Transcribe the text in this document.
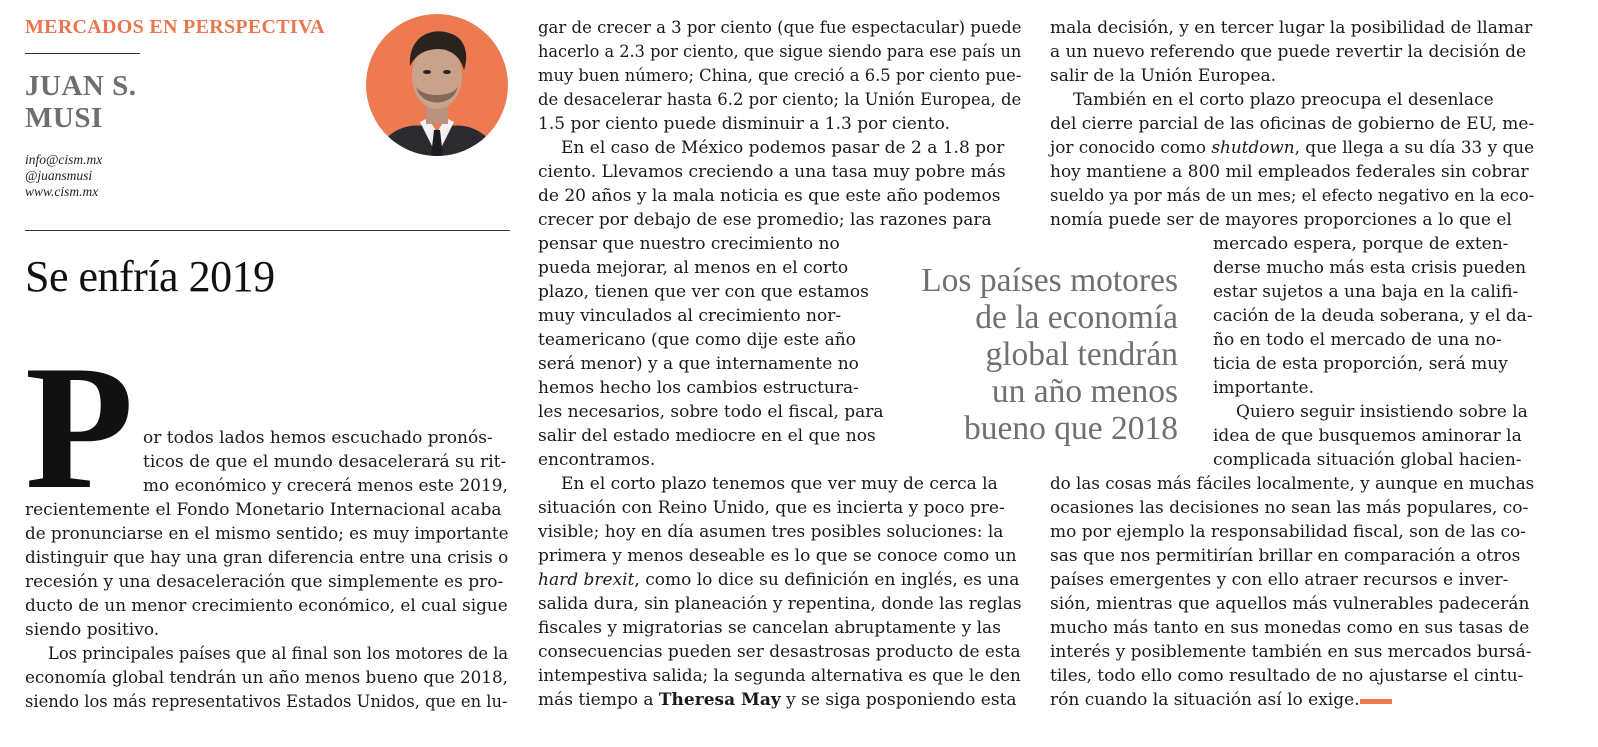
MERCADOS EN PERSPECTIVA
JUAN S.
MUSI
info@cism.mx
@juansmusi
www.cism.mx
Se enfría 2019
P or todos lados hemos escuchado pronós-
ticos de que el mundo desacelerará su rit-
mo económico y crecerá menos este 2019,
recientemente el Fondo Monetario Internacional acaba
de pronunciarse en el mismo sentido; es muy importante
distinguir que hay una gran diferencia entre una crisis o
recesión y una desaceleración que simplemente es pro-
ducto de un menor crecimiento económico, el cual sigue
siendo positivo.
Los principales países que al final son los motores de la
economía global tendrán un año menos bueno que 2018,
siendo los más representativos Estados Unidos, que en lu-
gar de crecer a 3 por ciento (que fue espectacular) puede
hacerlo a 2.3 por ciento, que sigue siendo para ese país un
muy buen número; China, que creció a 6.5 por ciento pue-
de desacelerar hasta 6.2 por ciento; la Unión Europea, de
1.5 por ciento puede disminuir a 1.3 por ciento.
En el caso de México podemos pasar de 2 a 1.8 por
ciento. Llevamos creciendo a una tasa muy pobre más
de 20 años y la mala noticia es que este año podemos
crecer por debajo de ese promedio; las razones para
pensar que nuestro crecimiento no
pueda mejorar, al menos en el corto
plazo, tienen que ver con que estamos
muy vinculados al crecimiento nor-
teamericano (que como dije este año
será menor) y a que internamente no
hemos hecho los cambios estructura-
les necesarios, sobre todo el fiscal, para
salir del estado mediocre en el que nos
encontramos.
En el corto plazo tenemos que ver muy de cerca la
situación con Reino Unido, que es incierta y poco pre-
visible; hoy en día asumen tres posibles soluciones: la
primera y menos deseable es lo que se conoce como un
hard brexit, como lo dice su definición en inglés, es una
salida dura, sin planeación y repentina, donde las reglas
fiscales y migratorias se cancelan abruptamente y las
consecuencias pueden ser desastrosas producto de esta
intempestiva salida; la segunda alternativa es que le den
más tiempo a Theresa May y se siga posponiendo esta
Los países motores
de la economía
global tendrán
un año menos
bueno que 2018
mala decisión, y en tercer lugar la posibilidad de llamar
a un nuevo referendo que puede revertir la decisión de
salir de la Unión Europea.
También en el corto plazo preocupa el desenlace
del cierre parcial de las oficinas de gobierno de EU, me-
jor conocido como shutdown, que llega a su día 33 y que
hoy mantiene a 800 mil empleados federales sin cobrar
sueldo ya por más de un mes; el efecto negativo en la eco-
nomía puede ser de mayores proporciones a lo que el
mercado espera, porque de exten-
derse mucho más esta crisis pueden
estar sujetos a una baja en la califi-
cación de la deuda soberana, y el da-
ño en todo el mercado de una no-
ticia de esta proporción, será muy
importante.
Quiero seguir insistiendo sobre la
idea de que busquemos aminorar la
complicada situación global hacien-
do las cosas más fáciles localmente, y aunque en muchas
ocasiones las decisiones no sean las más populares, co-
mo por ejemplo la responsabilidad fiscal, son de las co-
sas que nos permitirían brillar en comparación a otros
países emergentes y con ello atraer recursos e inver-
sión, mientras que aquellos más vulnerables padecerán
mucho más tanto en sus monedas como en sus tasas de
interés y posiblemente también en sus mercados bursá-
tiles, todo ello como resultado de no ajustarse el cintu-
rón cuando la situación así lo exige.
